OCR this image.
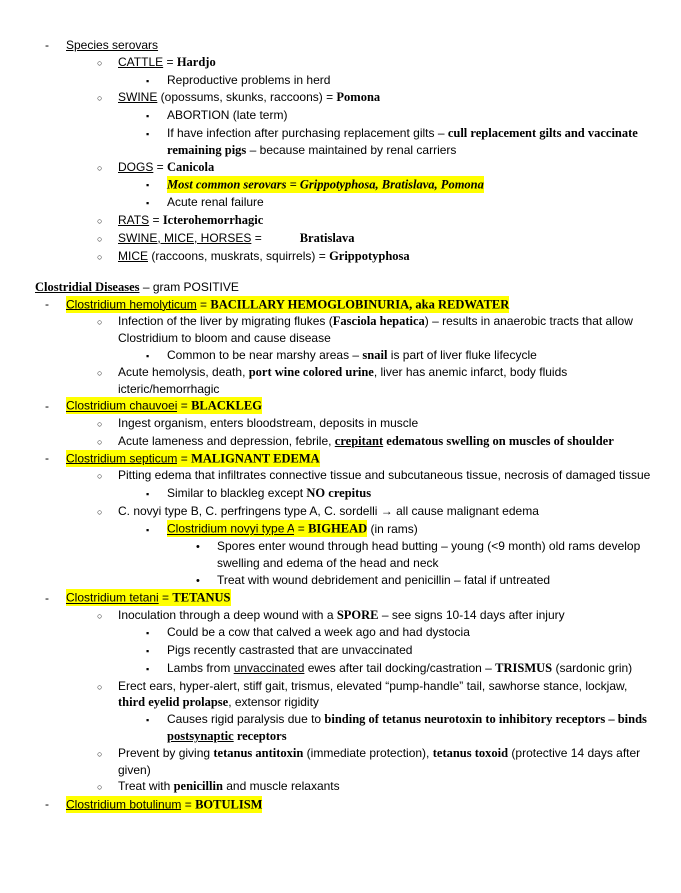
-	Species serovars
○	CATTLE = Hardjo
▪	Reproductive problems in herd
○	SWINE (opossums, skunks, raccoons) = Pomona
▪	ABORTION (late term)
▪	If have infection after purchasing replacement gilts – cull replacement gilts and vaccinate remaining pigs – because maintained by renal carriers
○	DOGS = Canicola
▪	Most common serovars = Grippotyphosa, Bratislava, Pomona
▪	Acute renal failure
○	RATS = Icterohemorrhagic
○	SWINE, MICE, HORSES =	Bratislava
○	MICE (raccoons, muskrats, squirrels) = Grippotyphosa
Clostridial Diseases – gram POSITIVE
-	Clostridium hemolyticum = BACILLARY HEMOGLOBINURIA, aka REDWATER
○	Infection of the liver by migrating flukes (Fasciola hepatica) – results in anaerobic tracts that allow Clostridium to bloom and cause disease
▪	Common to be near marshy areas – snail is part of liver fluke lifecycle
○	Acute hemolysis, death, port wine colored urine, liver has anemic infarct, body fluids icteric/hemorrhagic
-	Clostridium chauvoei = BLACKLEG
○	Ingest organism, enters bloodstream, deposits in muscle
○	Acute lameness and depression, febrile, crepitant edematous swelling on muscles of shoulder
-	Clostridium septicum = MALIGNANT EDEMA
○	Pitting edema that infiltrates connective tissue and subcutaneous tissue, necrosis of damaged tissue
▪	Similar to blackleg except NO crepitus
○	C. novyi type B, C. perfringens type A, C. sordelli → all cause malignant edema
▪	Clostridium novyi type A = BIGHEAD (in rams)
•	Spores enter wound through head butting – young (<9 month) old rams develop swelling and edema of the head and neck
•	Treat with wound debridement and penicillin – fatal if untreated
-	Clostridium tetani = TETANUS
○	Inoculation through a deep wound with a SPORE – see signs 10-14 days after injury
▪	Could be a cow that calved a week ago and had dystocia
▪	Pigs recently castrasted that are unvaccinated
▪	Lambs from unvaccinated ewes after tail docking/castration – TRISMUS (sardonic grin)
○	Erect ears, hyper-alert, stiff gait, trismus, elevated “pump-handle” tail, sawhorse stance, lockjaw, third eyelid prolapse, extensor rigidity
▪	Causes rigid paralysis due to binding of tetanus neurotoxin to inhibitory receptors – binds postsynaptic receptors
○	Prevent by giving tetanus antitoxin (immediate protection), tetanus toxoid (protective 14 days after given)
○	Treat with penicillin and muscle relaxants
-	Clostridium botulinum = BOTULISM
